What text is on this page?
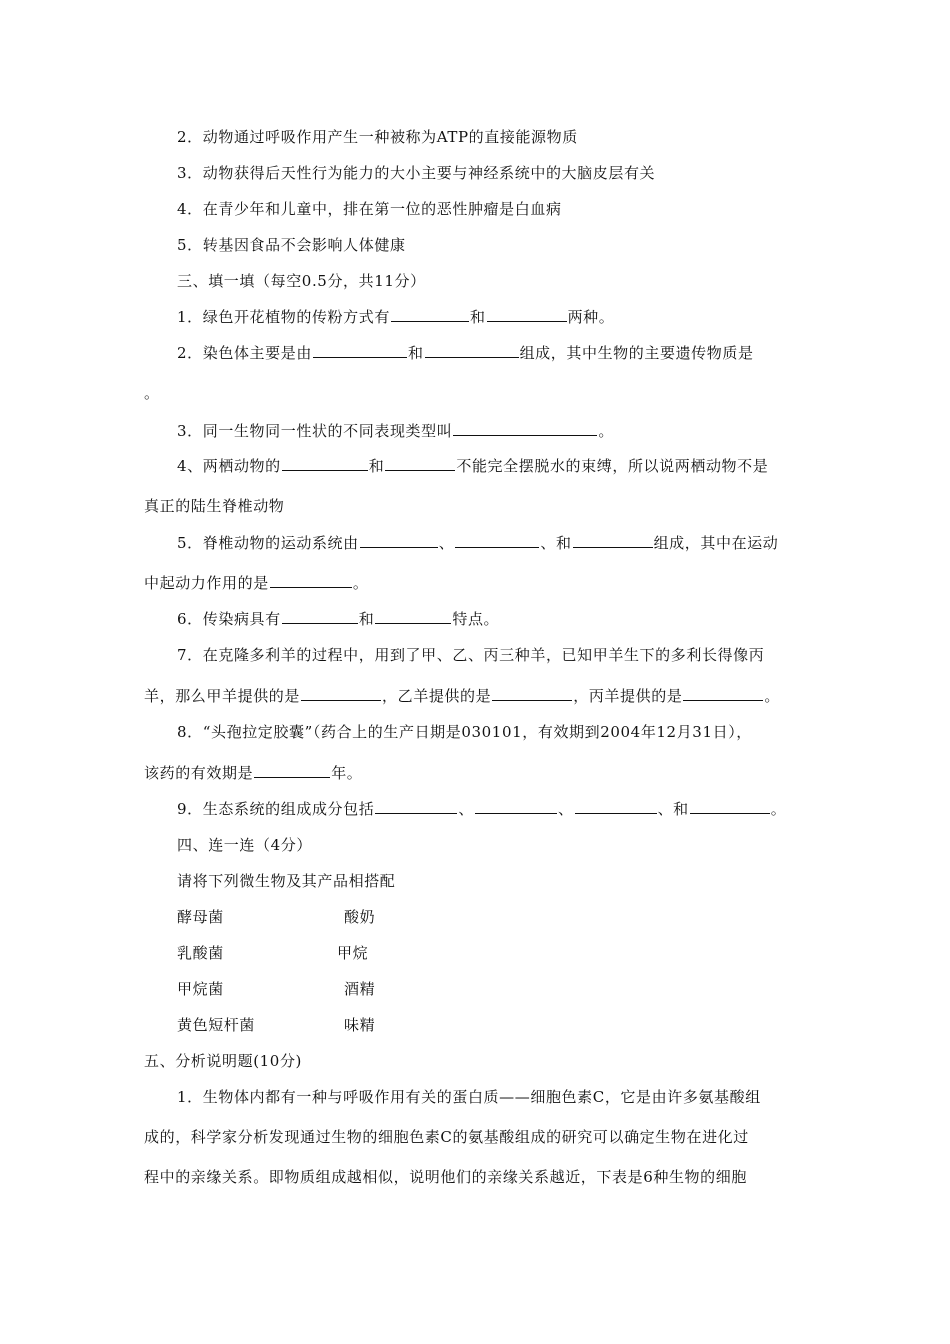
2．动物通过呼吸作用产生一种被称为ATP的直接能源物质
3．动物获得后天性行为能力的大小主要与神经系统中的大脑皮层有关
4．在青少年和儿童中，排在第一位的恶性肿瘤是白血病
5．转基因食品不会影响人体健康
三、填一填（每空0.5分，共11分）
1．绿色开花植物的传粉方式有	和	两种。
2．染色体主要是由	和	组成，其中生物的主要遗传物质是
。
3．同一生物同一性状的不同表现类型叫	。
4、两栖动物的	和	不能完全摆脱水的束缚，所以说两栖动物不是
真正的陆生脊椎动物
5．脊椎动物的运动系统由	、	、和	组成，其中在运动
中起动力作用的是	。
6．传染病具有	和	特点。
7．在克隆多利羊的过程中，用到了甲、乙、丙三种羊，已知甲羊生下的多利长得像丙
羊，那么甲羊提供的是	，乙羊提供的是	，丙羊提供的是	。
8．“头孢拉定胶囊”（药合上的生产日期是030101，有效期到2004年12月31日），
该药的有效期是	年。
9．生态系统的组成成分包括	、	、	、和	。
四、连一连（4分）
请将下列微生物及其产品相搭配
酵母菌	酸奶
乳酸菌	甲烷
甲烷菌	酒精
黄色短杆菌	味精
五、分析说明题(10分)
1．生物体内都有一种与呼吸作用有关的蛋白质——细胞色素C，它是由许多氨基酸组
成的，科学家分析发现通过生物的细胞色素C的氨基酸组成的研究可以确定生物在进化过
程中的亲缘关系。即物质组成越相似，说明他们的亲缘关系越近，下表是6种生物的细胞
